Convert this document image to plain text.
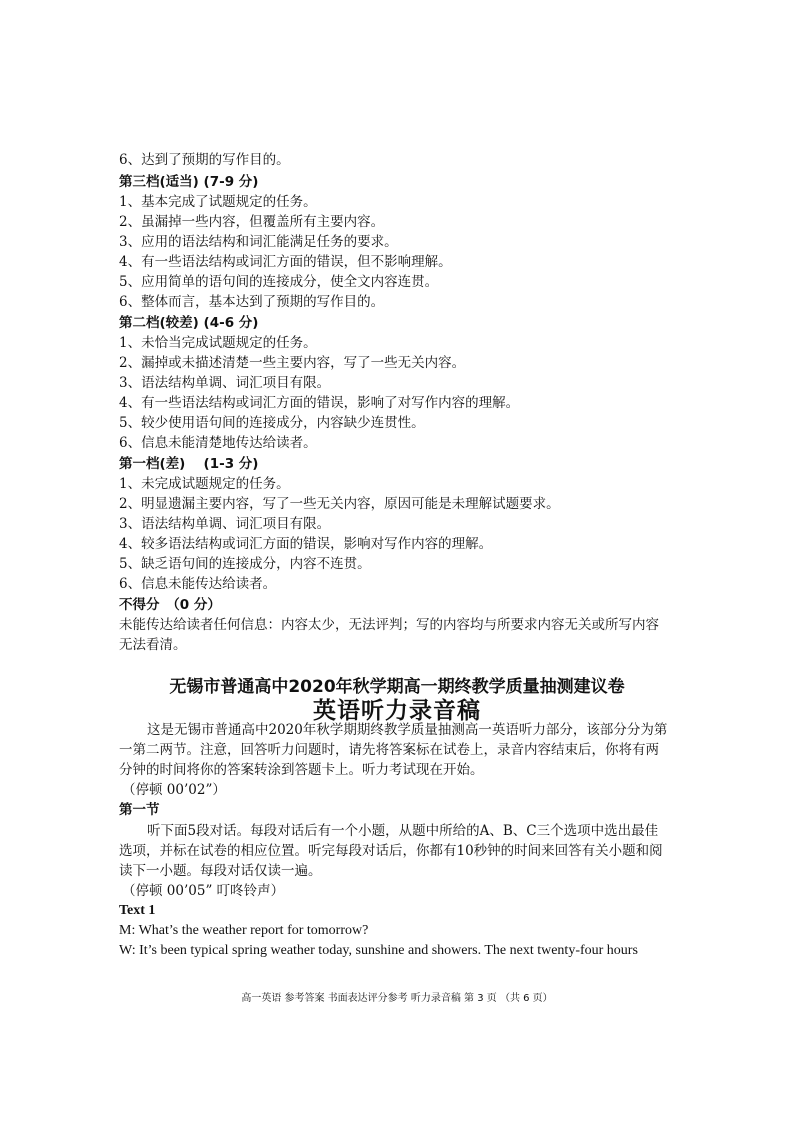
6、达到了预期的写作目的。
第三档(适当) (7-9 分)
1、基本完成了试题规定的任务。
2、虽漏掉一些内容，但覆盖所有主要内容。
3、应用的语法结构和词汇能满足任务的要求。
4、有一些语法结构或词汇方面的错误，但不影响理解。
5、应用简单的语句间的连接成分，使全文内容连贯。
6、整体而言，基本达到了预期的写作目的。
第二档(较差) (4-6 分)
1、未恰当完成试题规定的任务。
2、漏掉或未描述清楚一些主要内容，写了一些无关内容。
3、语法结构单调、词汇项目有限。
4、有一些语法结构或词汇方面的错误，影响了对写作内容的理解。
5、较少使用语句间的连接成分，内容缺少连贯性。
6、信息未能清楚地传达给读者。
第一档(差)　 (1-3 分)
1、未完成试题规定的任务。
2、明显遗漏主要内容，写了一些无关内容，原因可能是未理解试题要求。
3、语法结构单调、词汇项目有限。
4、较多语法结构或词汇方面的错误，影响对写作内容的理解。
5、缺乏语句间的连接成分，内容不连贯。
6、信息未能传达给读者。
不得分　（0 分）
未能传达给读者任何信息：内容太少，无法评判；写的内容均与所要求内容无关或所写内容
无法看清。
无锡市普通高中2020年秋学期高一期终教学质量抽测建议卷
英语听力录音稿
这是无锡市普通高中2020年秋学期期终教学质量抽测高一英语听力部分，该部分分为第
一第二两节。注意，回答听力问题时，请先将答案标在试卷上，录音内容结束后，你将有两
分钟的时间将你的答案转涂到答题卡上。听力考试现在开始。
（停顿 00’02”）
第一节
听下面5段对话。每段对话后有一个小题，从题中所给的A、B、C三个选项中选出最佳
选项，并标在试卷的相应位置。听完每段对话后，你都有10秒钟的时间来回答有关小题和阅
读下一小题。每段对话仅读一遍。
（停顿 00’05” 叮咚铃声）
Text 1
M: What’s the weather report for tomorrow?
W: It’s been typical spring weather today, sunshine and showers. The next twenty-four hours
高一英语 参考答案 书面表达评分参考 听力录音稿 第 3 页 （共 6 页）
